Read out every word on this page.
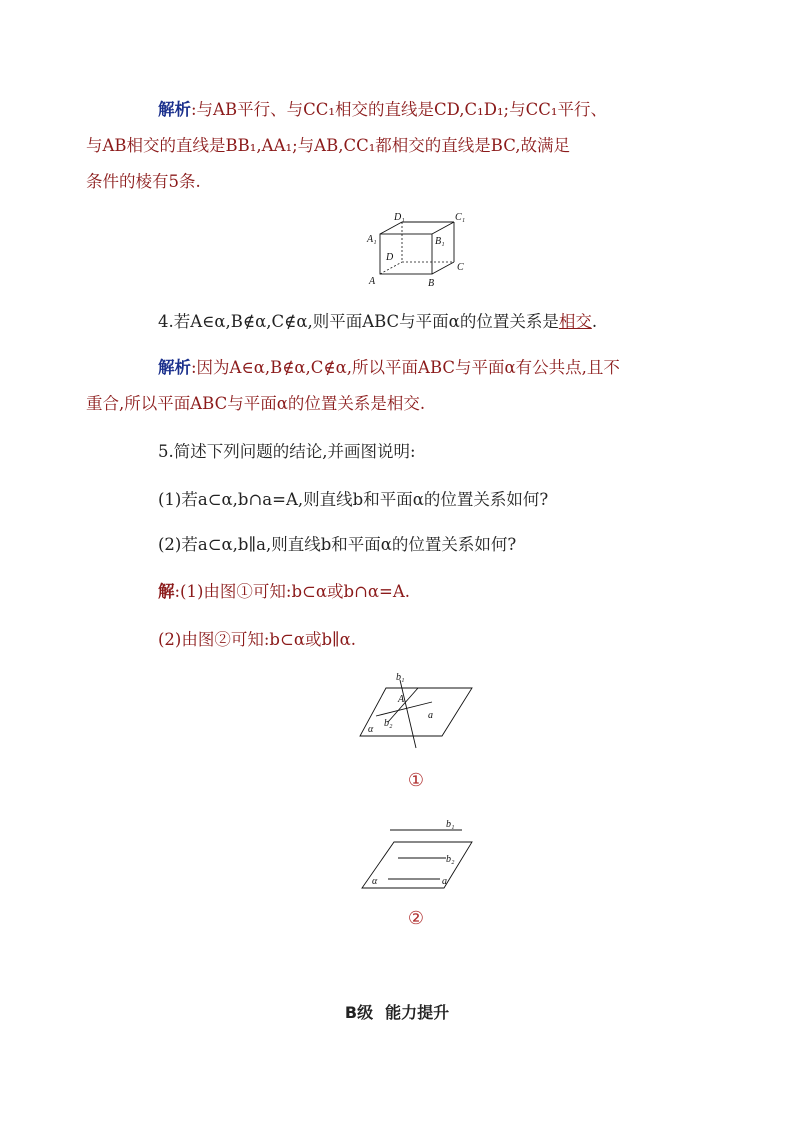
解析:与AB平行、与CC₁相交的直线是CD,C₁D₁;与CC₁平行、
与AB相交的直线是BB₁,AA₁;与AB,CC₁都相交的直线是BC,故满足
条件的棱有5条.
D₁	C₁
A₁	B₁
D
C
A	B
4.若A∈α,B∉α,C∉α,则平面ABC与平面α的位置关系是相交.
解析:因为A∈α,B∉α,C∉α,所以平面ABC与平面α有公共点,且不
重合,所以平面ABC与平面α的位置关系是相交.
5.简述下列问题的结论,并画图说明:
(1)若a⊂α,b∩a=A,则直线b和平面α的位置关系如何?
(2)若a⊂α,b∥a,则直线b和平面α的位置关系如何?
解:(1)由图①可知:b⊂α或b∩α=A.
(2)由图②可知:b⊂α或b∥α.
b₁
A
a
b₂
α
①
b₁
b₂
α	a
②
B级 能力提升
